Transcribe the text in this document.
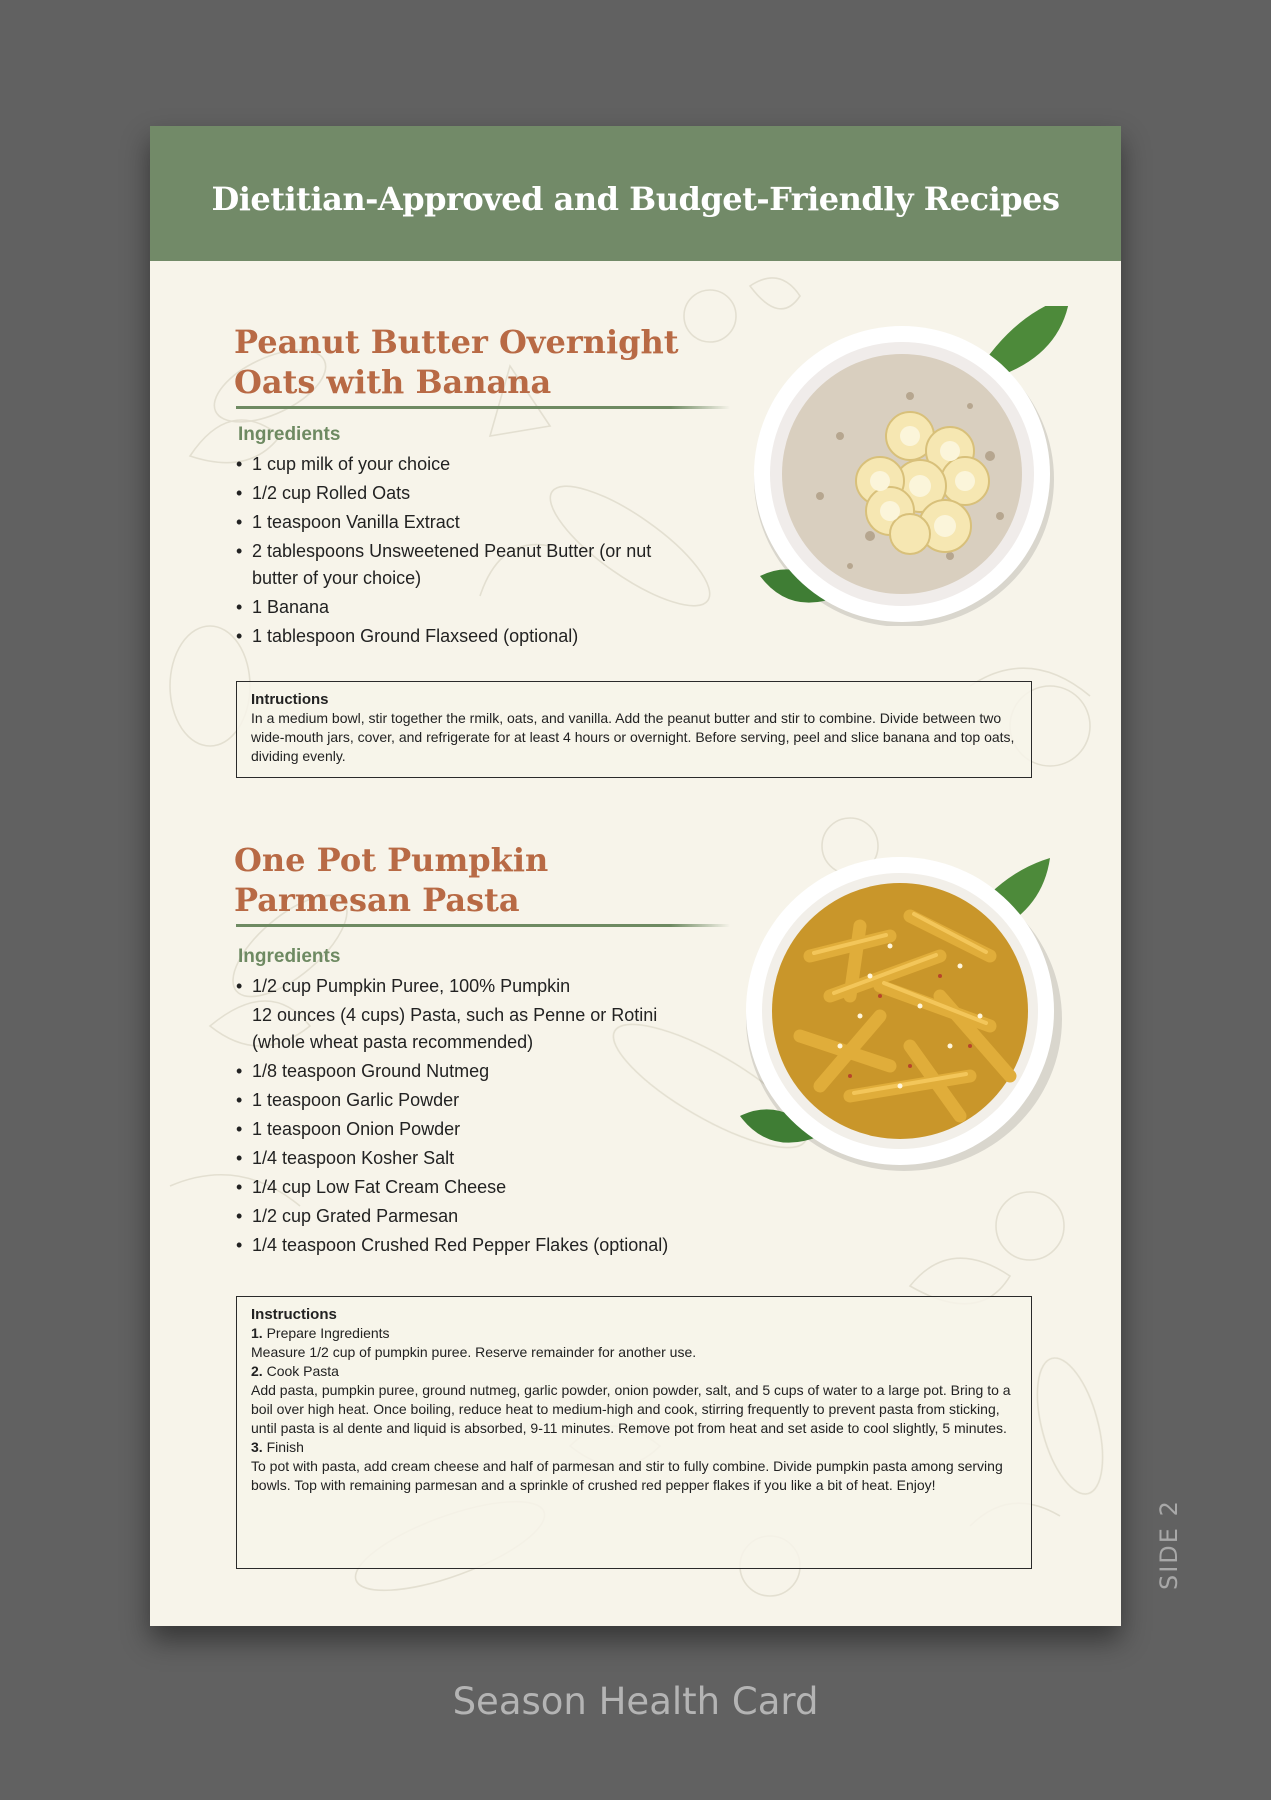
Dietitian-Approved and Budget-Friendly Recipes
Peanut Butter Overnight
Oats with Banana
Ingredients
• 1 cup milk of your choice
• 1/2 cup Rolled Oats
• 1 teaspoon Vanilla Extract
• 2 tablespoons Unsweetened Peanut Butter (or nut butter of your choice)
• 1 Banana
• 1 tablespoon Ground Flaxseed (optional)
Intructions

In a medium bowl, stir together the rmilk, oats, and vanilla. Add the peanut butter and stir to combine. Divide between two wide-mouth jars, cover, and refrigerate for at least 4 hours or overnight. Before serving, peel and slice banana and top oats, dividing evenly.

One Pot Pumpkin
Parmesan Pasta
Ingredients
• 1/2 cup Pumpkin Puree, 100% Pumpkin
12 ounces (4 cups) Pasta, such as Penne or Rotini (whole wheat pasta recommended)
• 1/8 teaspoon Ground Nutmeg
• 1 teaspoon Garlic Powder
• 1 teaspoon Onion Powder
• 1/4 teaspoon Kosher Salt
• 1/4 cup Low Fat Cream Cheese
• 1/2 cup Grated Parmesan
• 1/4 teaspoon Crushed Red Pepper Flakes (optional)
Instructions

1. Prepare Ingredients

Measure 1/2 cup of pumpkin puree. Reserve remainder for another use.

2. Cook Pasta

Add pasta, pumpkin puree, ground nutmeg, garlic powder, onion powder, salt, and 5 cups of water to a large pot. Bring to a boil over high heat. Once boiling, reduce heat to medium-high and cook, stirring frequently to prevent pasta from sticking, until pasta is al dente and liquid is absorbed, 9-11 minutes. Remove pot from heat and set aside to cool slightly, 5 minutes.

3. Finish

To pot with pasta, add cream cheese and half of parmesan and stir to fully combine. Divide pumpkin pasta among serving bowls. Top with remaining parmesan and a sprinkle of crushed red pepper flakes if you like a bit of heat. Enjoy!

SIDE 2
Season Health Card
